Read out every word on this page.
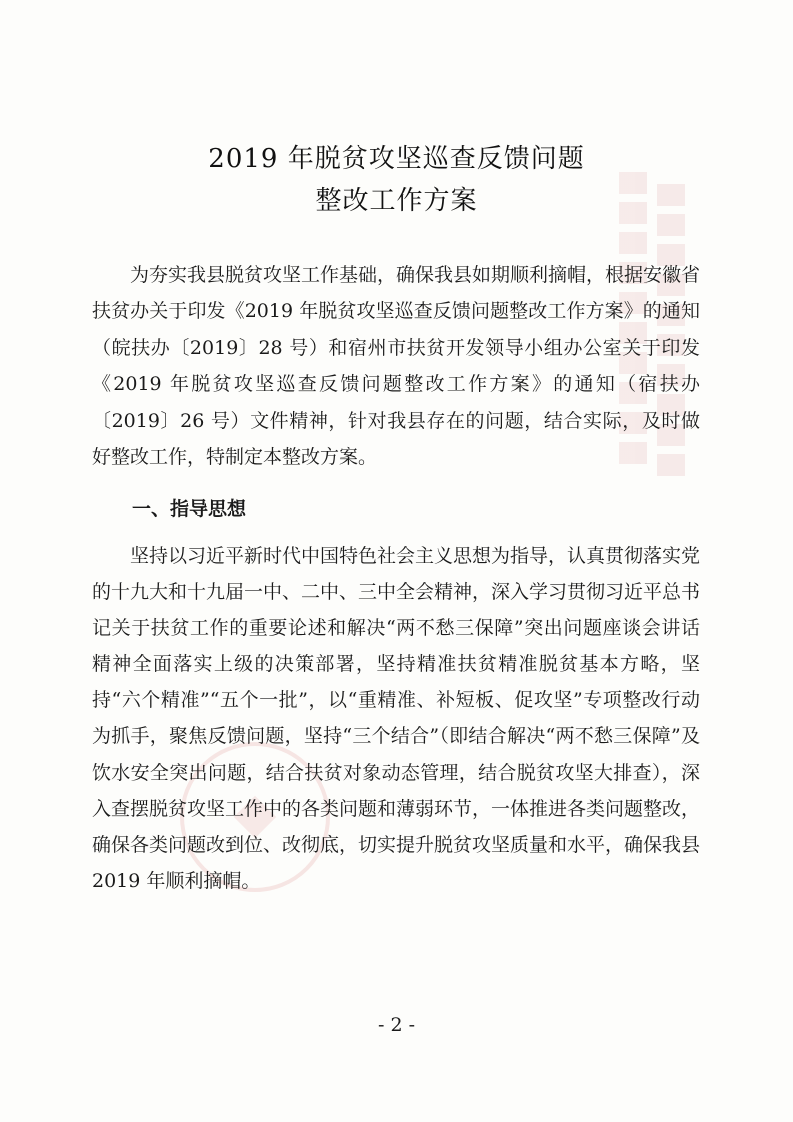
2019 年脱贫攻坚巡查反馈问题
整改工作方案

为夯实我县脱贫攻坚工作基础，确保我县如期顺利摘帽，根据安徽省扶贫办关于印发《2019 年脱贫攻坚巡查反馈问题整改工作方案》的通知（皖扶办〔2019〕28 号）和宿州市扶贫开发领导小组办公室关于印发《2019 年脱贫攻坚巡查反馈问题整改工作方案》的通知（宿扶办〔2019〕26 号）文件精神，针对我县存在的问题，结合实际，及时做好整改工作，特制定本整改方案。

一、指导思想

坚持以习近平新时代中国特色社会主义思想为指导，认真贯彻落实党的十九大和十九届一中、二中、三中全会精神，深入学习贯彻习近平总书记关于扶贫工作的重要论述和解决“两不愁三保障”突出问题座谈会讲话精神全面落实上级的决策部署，坚持精准扶贫精准脱贫基本方略，坚持“六个精准”“五个一批”，以“重精准、补短板、促攻坚”专项整改行动为抓手，聚焦反馈问题，坚持“三个结合”（即结合解决“两不愁三保障”及饮水安全突出问题，结合扶贫对象动态管理，结合脱贫攻坚大排查），深入查摆脱贫攻坚工作中的各类问题和薄弱环节，一体推进各类问题整改，确保各类问题改到位、改彻底，切实提升脱贫攻坚质量和水平，确保我县 2019 年顺利摘帽。

- 2 -
